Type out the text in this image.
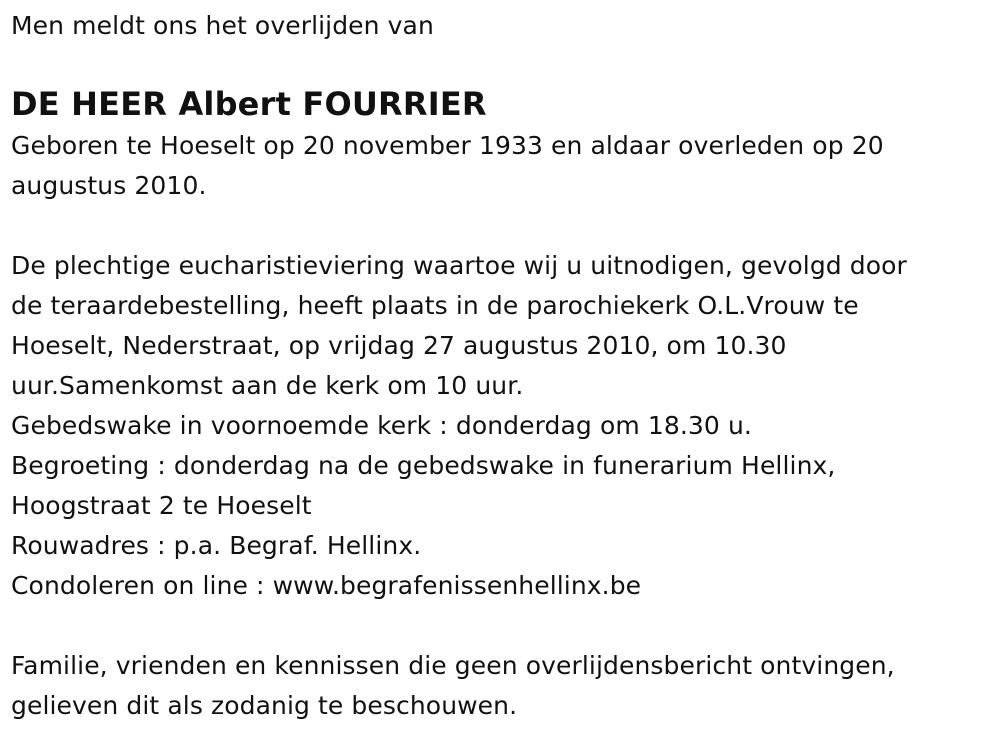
Men meldt ons het overlijden van
DE HEER Albert FOURRIER
Geboren te Hoeselt op 20 november 1933 en aldaar overleden op 20
augustus 2010.
De plechtige eucharistieviering waartoe wij u uitnodigen, gevolgd door
de teraardebestelling, heeft plaats in de parochiekerk O.L.Vrouw te
Hoeselt, Nederstraat, op vrijdag 27 augustus 2010, om 10.30
uur.Samenkomst aan de kerk om 10 uur.
Gebedswake in voornoemde kerk : donderdag om 18.30 u.
Begroeting : donderdag na de gebedswake in funerarium Hellinx,
Hoogstraat 2 te Hoeselt
Rouwadres : p.a. Begraf. Hellinx.
Condoleren on line : www.begrafenissenhellinx.be
Familie, vrienden en kennissen die geen overlijdensbericht ontvingen,
gelieven dit als zodanig te beschouwen.
